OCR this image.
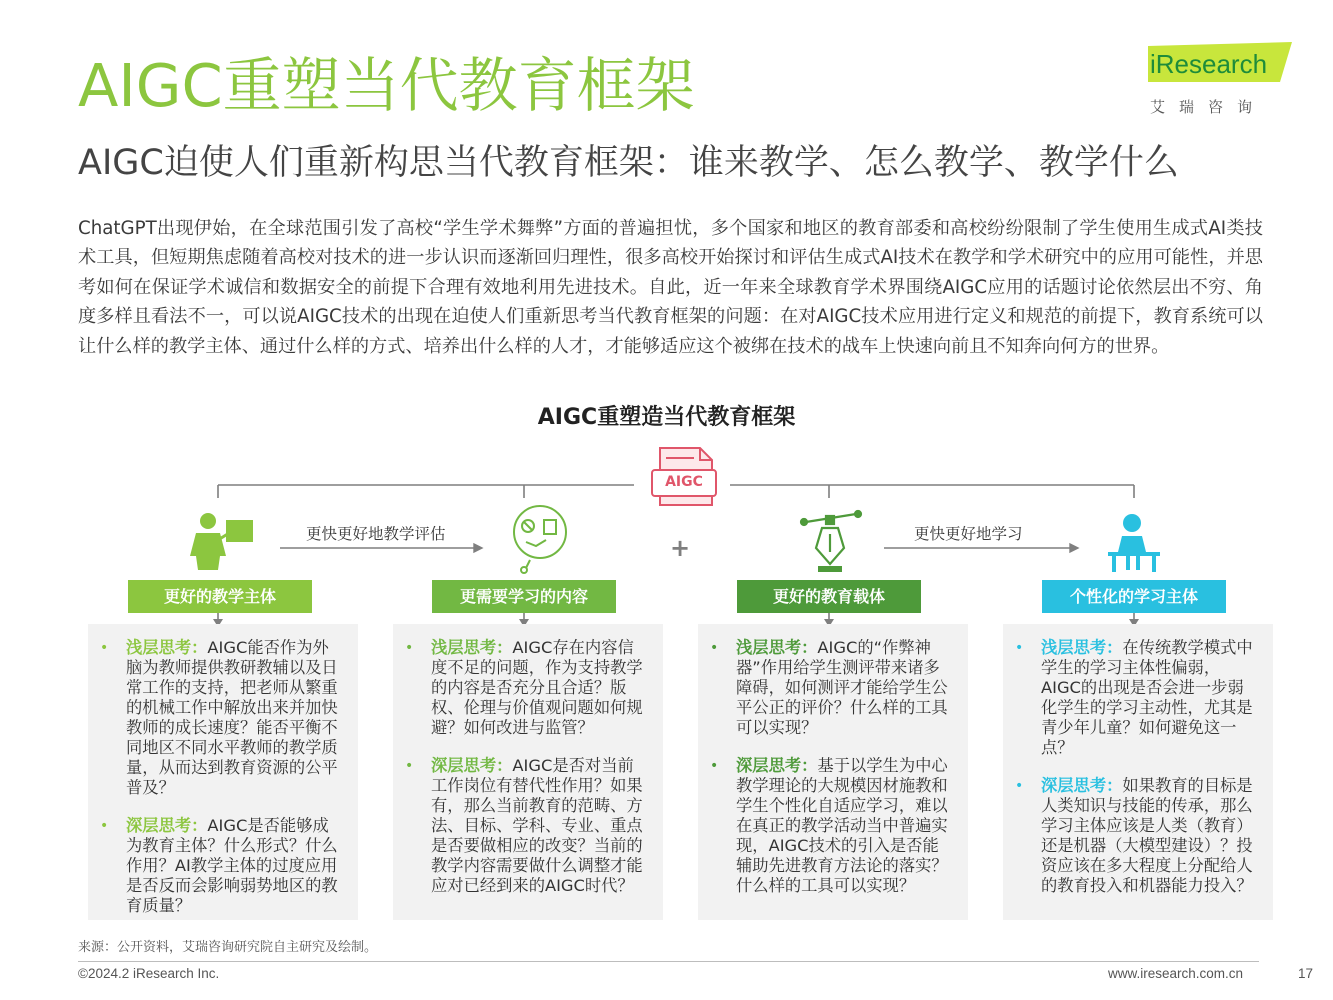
AIGC重塑当代教育框架
AIGC迫使人们重新构思当代教育框架：谁来教学、怎么教学、教学什么
iResearch
艾瑞咨询
ChatGPT出现伊始，在全球范围引发了高校“学生学术舞弊”方面的普遍担忧，多个国家和地区的教育部委和高校纷纷限制了学生使用生成式AI类技术工具，但短期焦虑随着高校对技术的进一步认识而逐渐回归理性，很多高校开始探讨和评估生成式AI技术在教学和学术研究中的应用可能性，并思考如何在保证学术诚信和数据安全的前提下合理有效地利用先进技术。自此，近一年来全球教育学术界围绕AIGC应用的话题讨论依然层出不穷、角度多样且看法不一，可以说AIGC技术的出现在迫使人们重新思考当代教育框架的问题：在对AIGC技术应用进行定义和规范的前提下，教育系统可以让什么样的教学主体、通过什么样的方式、培养出什么样的人才，才能够适应这个被绑在技术的战车上快速向前且不知奔向何方的世界。
AIGC重塑造当代教育框架
AIGC
+
更快更好地教学评估	更快更好地学习
更好的教学主体	更需要学习的内容	更好的教育载体	个性化的学习主体
• 浅层思考：AIGC能否作为外脑为教师提供教研教辅以及日常工作的支持，把老师从繁重的机械工作中解放出来并加快教师的成长速度？能否平衡不同地区不同水平教师的教学质量，从而达到教育资源的公平普及？
• 深层思考：AIGC是否能够成为教育主体？什么形式？什么作用？AI教学主体的过度应用是否反而会影响弱势地区的教育质量？
• 浅层思考：AIGC存在内容信度不足的问题，作为支持教学的内容是否充分且合适？版权、伦理与价值观问题如何规避？如何改进与监管？
• 深层思考：AIGC是否对当前工作岗位有替代性作用？如果有，那么当前教育的范畴、方法、目标、学科、专业、重点是否要做相应的改变？当前的教学内容需要做什么调整才能应对已经到来的AIGC时代？
• 浅层思考：AIGC的“作弊神器”作用给学生测评带来诸多障碍，如何测评才能给学生公平公正的评价？什么样的工具可以实现？
• 深层思考：基于以学生为中心教学理论的大规模因材施教和学生个性化自适应学习，难以在真正的教学活动当中普遍实现，AIGC技术的引入是否能辅助先进教育方法论的落实？什么样的工具可以实现？
• 浅层思考：在传统教学模式中学生的学习主体性偏弱，AIGC的出现是否会进一步弱化学生的学习主动性，尤其是青少年儿童？如何避免这一点？
• 深层思考：如果教育的目标是人类知识与技能的传承，那么学习主体应该是人类（教育）还是机器（大模型建设）？投资应该在多大程度上分配给人的教育投入和机器能力投入？
来源：公开资料，艾瑞咨询研究院自主研究及绘制。
©2024.2 iResearch Inc.	www.iresearch.com.cn	17
